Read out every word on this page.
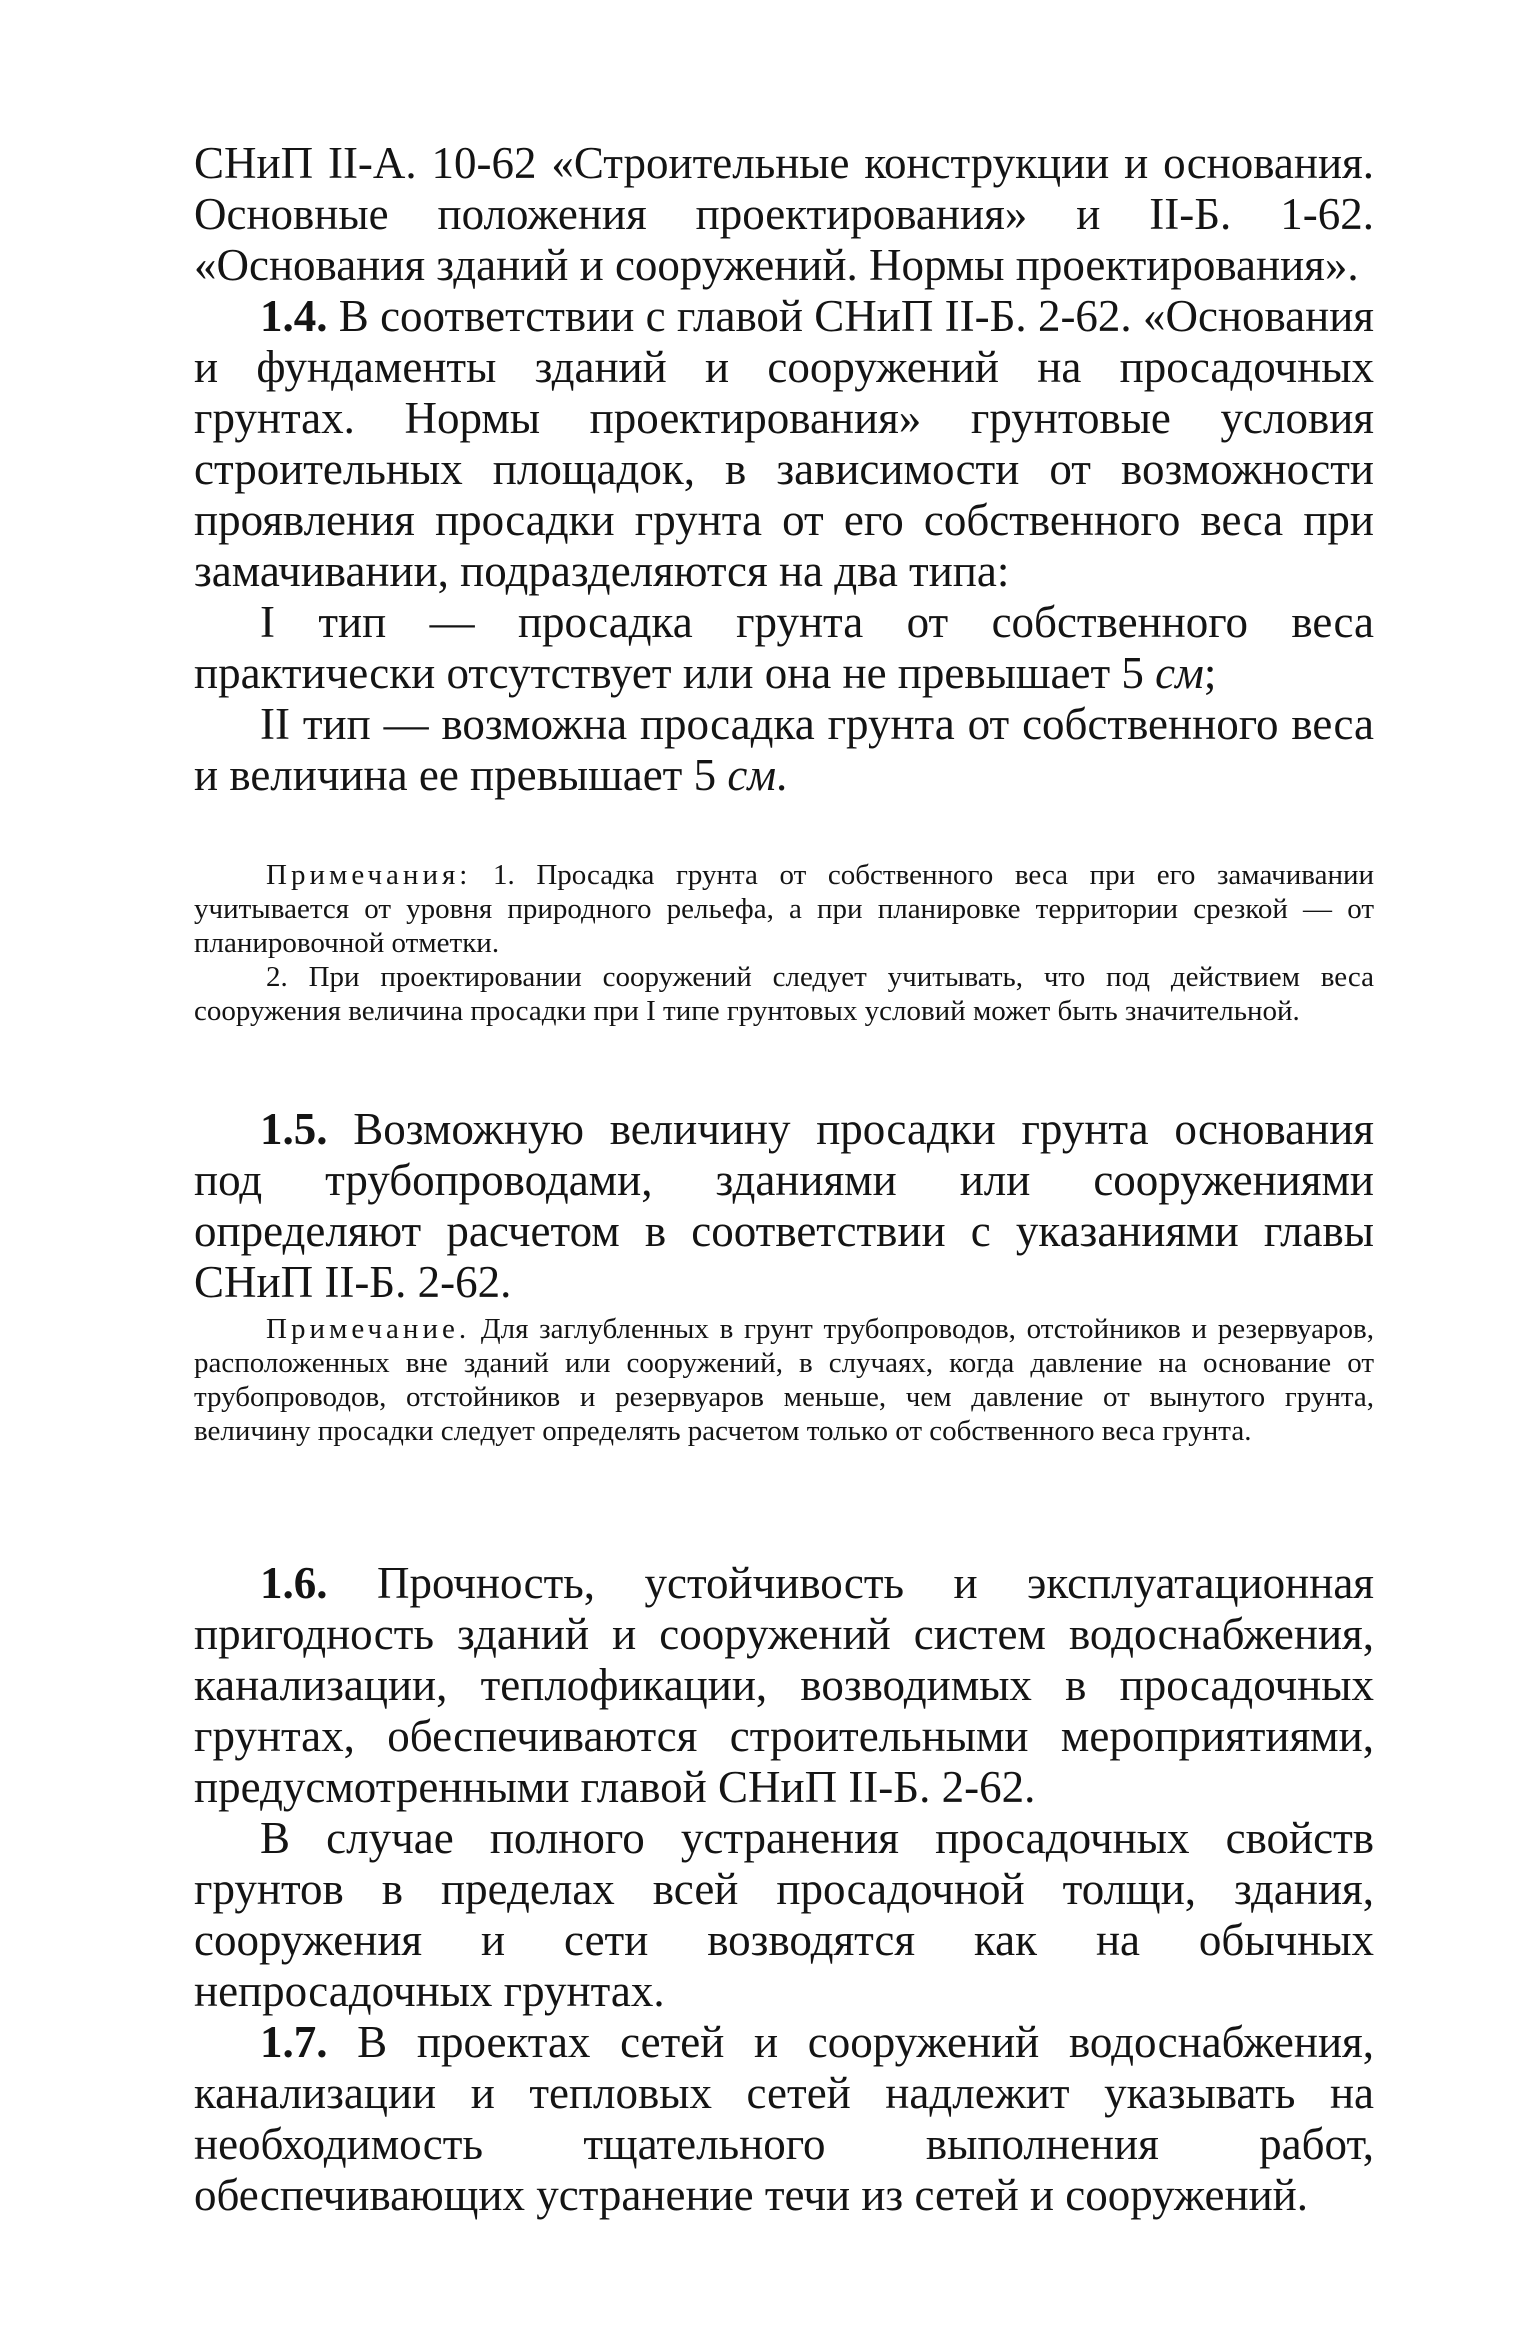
СНиП II-А. 10-62 «Строительные конструкции и основания. Основные положения проектирования» и II-Б. 1-62. «Основания зданий и сооружений. Нормы проектирования».

1.4. В соответствии с главой СНиП II-Б. 2-62. «Основания и фундаменты зданий и сооружений на просадочных грунтах. Нормы проектирования» грунтовые условия строительных площадок, в зависимости от возможности проявления просадки грунта от его собственного веса при замачивании, подразделяются на два типа:

I тип — просадка грунта от собственного веса практически отсутствует или она не превышает 5 см;

II тип — возможна просадка грунта от собственного веса и величина ее превышает 5 см.

Примечания: 1. Просадка грунта от собственного веса при его замачивании учитывается от уровня природного рельефа, а при планировке территории срезкой — от планировочной отметки.

2. При проектировании сооружений следует учитывать, что под действием веса сооружения величина просадки при I типе грунтовых условий может быть значительной.

1.5. Возможную величину просадки грунта основания под трубопроводами, зданиями или сооружениями определяют расчетом в соответствии с указаниями главы СНиП II-Б. 2-62.

Примечание. Для заглубленных в грунт трубопроводов, отстойников и резервуаров, расположенных вне зданий или сооружений, в случаях, когда давление на основание от трубопроводов, отстойников и резервуаров меньше, чем давление от вынутого грунта, величину просадки следует определять расчетом только от собственного веса грунта.

1.6. Прочность, устойчивость и эксплуатационная пригодность зданий и сооружений систем водоснабжения, канализации, теплофикации, возводимых в просадочных грунтах, обеспечиваются строительными мероприятиями, предусмотренными главой СНиП II-Б. 2-62.

В случае полного устранения просадочных свойств грунтов в пределах всей просадочной толщи, здания, сооружения и сети возводятся как на обычных непросадочных грунтах.

1.7. В проектах сетей и сооружений водоснабжения, канализации и тепловых сетей надлежит указывать на необходимость тщательного выполнения работ, обеспечивающих устранение течи из сетей и сооружений.
